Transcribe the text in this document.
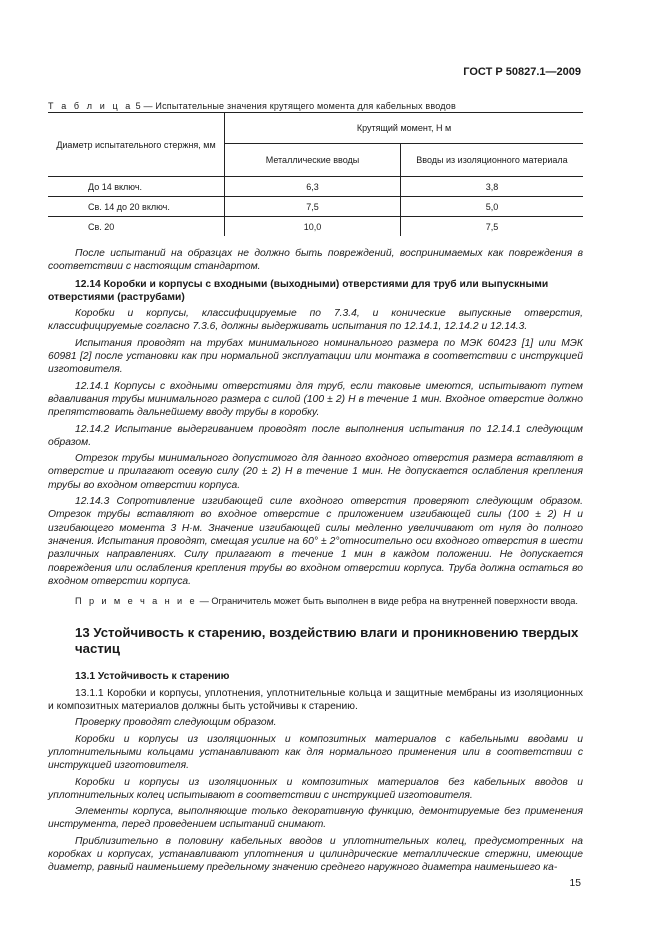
ГОСТ Р 50827.1—2009
Т а б л и ц а 5 — Испытательные значения крутящего момента для кабельных вводов
Диаметр испытательного стержня, мм	Крутящий момент, Н м	
	Металлические вводы	Вводы из изоляционного материала
До 14 включ.	6,3	3,8
Св. 14 до 20 включ.	7,5	5,0
Св. 20	10,0	7,5

После испытаний на образцах не должно быть повреждений, воспринимаемых как повреждения в соответствии с настоящим стандартом.

12.14 Коробки и корпусы с входными (выходными) отверстиями для труб или выпускными отверстиями (раструбами)

Коробки и корпусы, классифицируемые по 7.3.4, и конические выпускные отверстия, классифицируемые согласно 7.3.6, должны выдерживать испытания по 12.14.1, 12.14.2 и 12.14.3.

Испытания проводят на трубах минимального номинального размера по МЭК 60423 [1] или МЭК 60981 [2] после установки как при нормальной эксплуатации или монтажа в соответствии с инструкцией изготовителя.

12.14.1 Корпусы с входными отверстиями для труб, если таковые имеются, испытывают путем вдавливания трубы минимального размера с силой (100 ± 2) Н в течение 1 мин. Входное отверстие должно препятствовать дальнейшему вводу трубы в коробку.

12.14.2 Испытание выдергиванием проводят после выполнения испытания по 12.14.1 следующим образом.

Отрезок трубы минимального допустимого для данного входного отверстия размера вставляют в отверстие и прилагают осевую силу (20 ± 2) Н в течение 1 мин. Не допускается ослабления крепления трубы во входном отверстии корпуса.

12.14.3 Сопротивление изгибающей силе входного отверстия проверяют следующим образом. Отрезок трубы вставляют во входное отверстие с приложением изгибающей силы (100 ± 2) Н и изгибающего момента 3 Н·м. Значение изгибающей силы медленно увеличивают от нуля до полного значения. Испытания проводят, смещая усилие на 60° ± 2°относительно оси входного отверстия в шести различных направлениях. Силу прилагают в течение 1 мин в каждом положении. Не допускается повреждения или ослабления крепления трубы во входном отверстии корпуса. Труба должна остаться во входном отверстии корпуса.

П р и м е ч а н и е — Ограничитель может быть выполнен в виде ребра на внутренней поверхности ввода.

13 Устойчивость к старению, воздействию влаги и проникновению твердых частиц

13.1 Устойчивость к старению

13.1.1 Коробки и корпусы, уплотнения, уплотнительные кольца и защитные мембраны из изоляционных и композитных материалов должны быть устойчивы к старению.

Проверку проводят следующим образом.

Коробки и корпусы из изоляционных и композитных материалов с кабельными вводами и уплотнительными кольцами устанавливают как для нормального применения или в соответствии с инструкцией изготовителя.

Коробки и корпусы из изоляционных и композитных материалов без кабельных вводов и уплотнительных колец испытывают в соответствии с инструкцией изготовителя.

Элементы корпуса, выполняющие только декоративную функцию, демонтируемые без применения инструмента, перед проведением испытаний снимают.

Приблизительно в половину кабельных вводов и уплотнительных колец, предусмотренных на коробках и корпусах, устанавливают уплотнения и цилиндрические металлические стержни, имеющие диаметр, равный наименьшему предельному значению среднего наружного диаметра наименьшего ка-

15
